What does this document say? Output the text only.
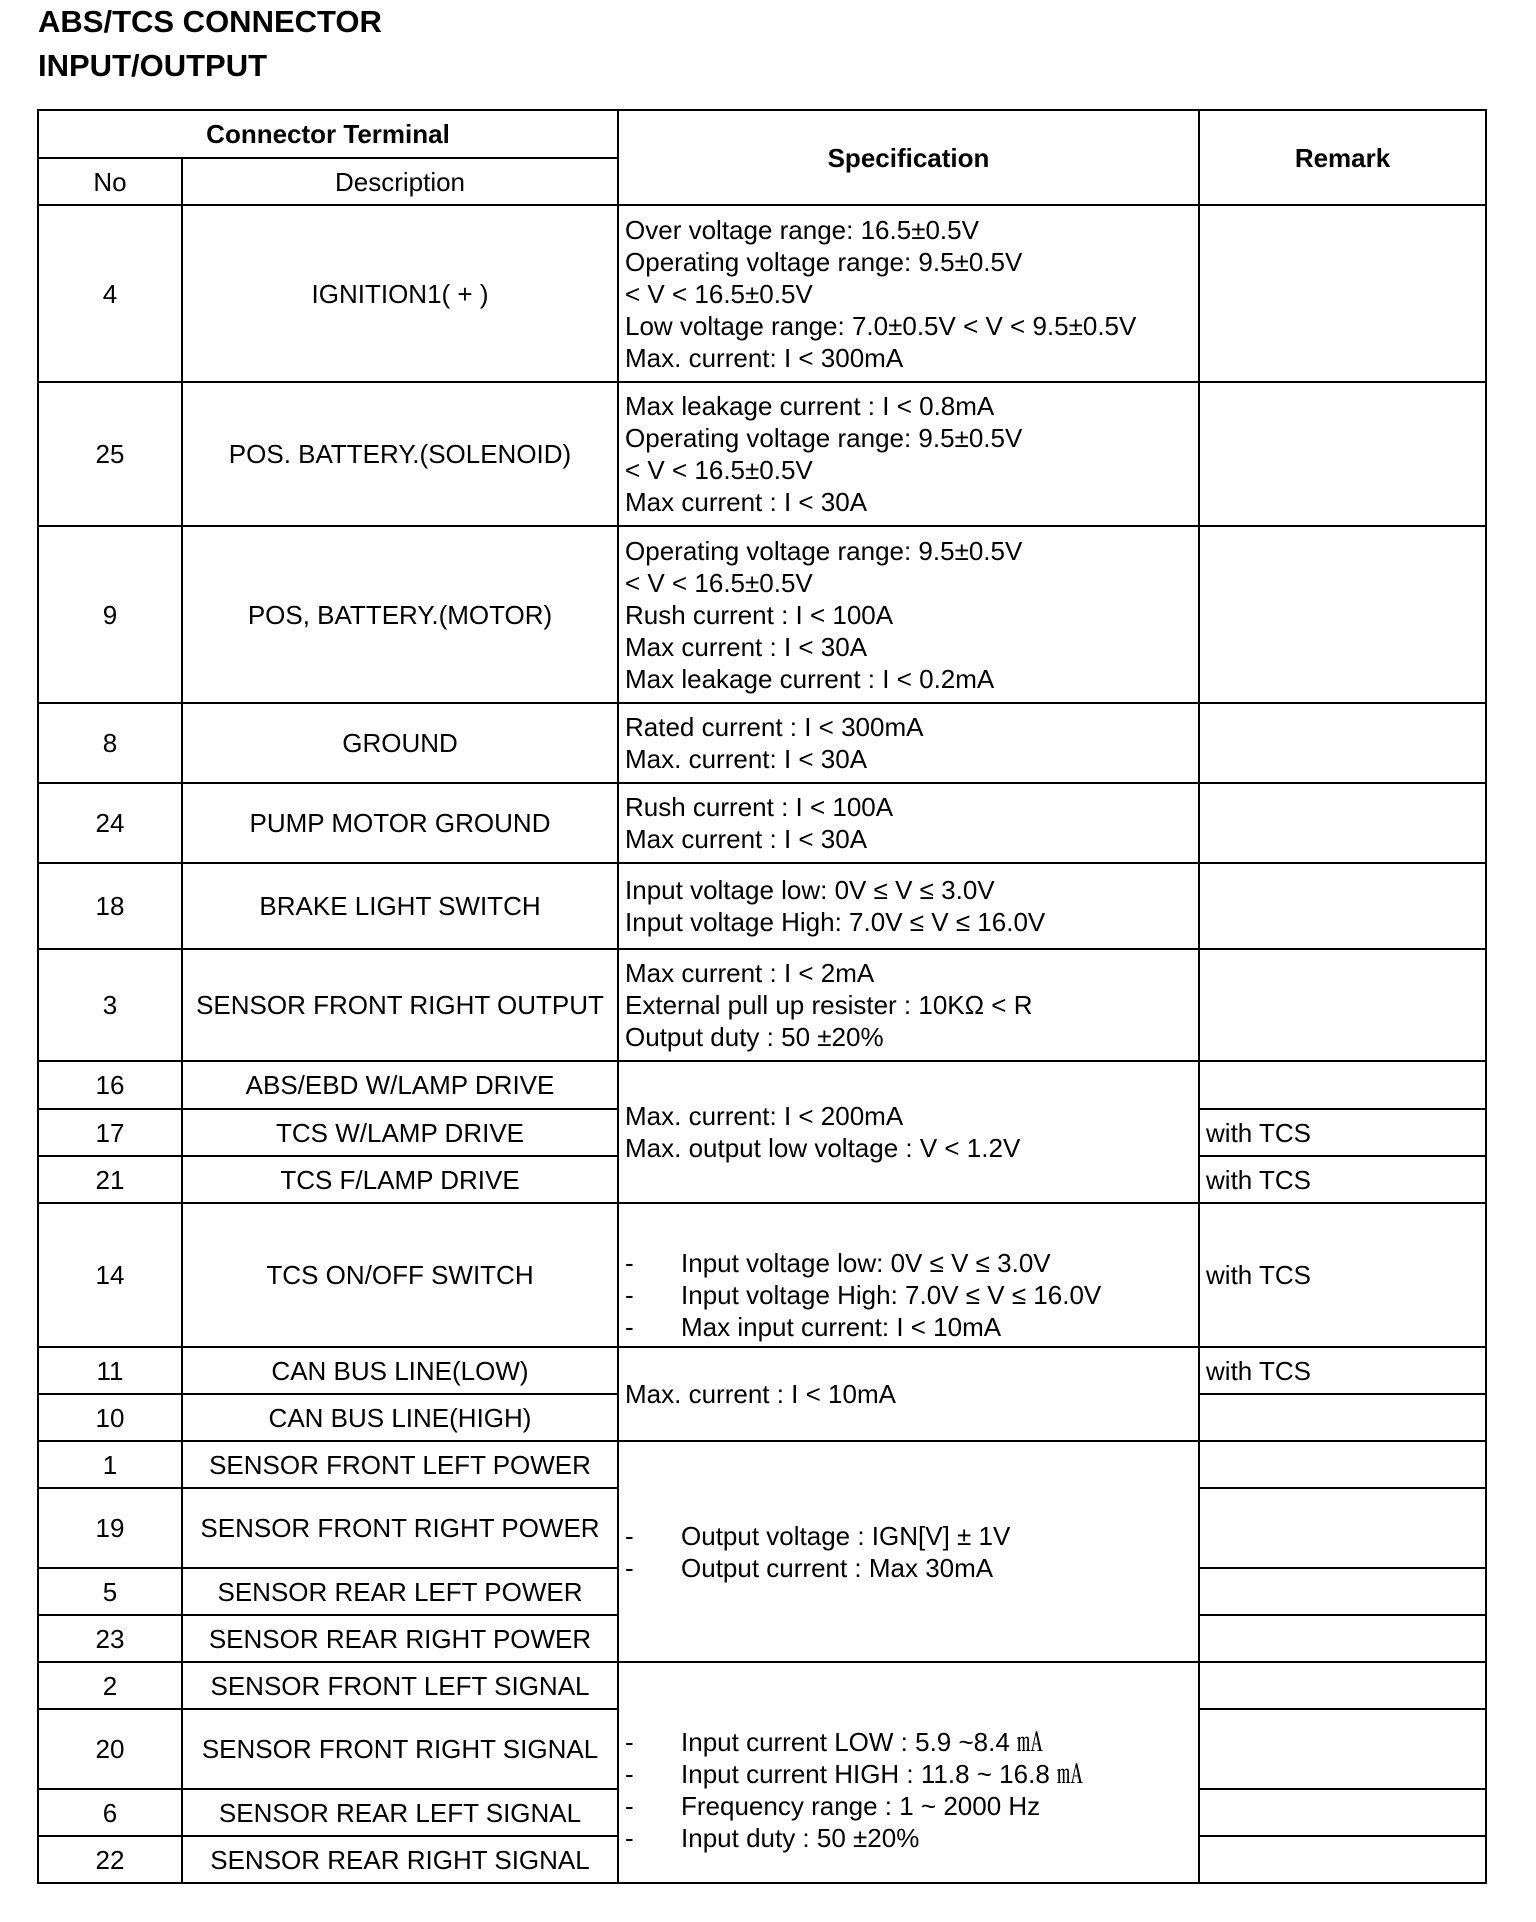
ABS/TCS CONNECTOR
INPUT/OUTPUT
Connector Terminal		Specification	Remark
No	Description		
4	IGNITION1( + )	Over voltage range: 16.5±0.5V
Operating voltage range: 9.5±0.5V
< V < 16.5±0.5V
Low voltage range: 7.0±0.5V < V < 9.5±0.5V
Max. current: I < 300mA	

25	POS. BATTERY.(SOLENOID)	Max leakage current : I < 0.8mA
Operating voltage range: 9.5±0.5V
< V < 16.5±0.5V
Max current : I < 30A	

9	POS, BATTERY.(MOTOR)	Operating voltage range: 9.5±0.5V
< V < 16.5±0.5V
Rush current : I < 100A
Max current : I < 30A
Max leakage current : I < 0.2mA	

8	GROUND	Rated current : I < 300mA
Max. current: I < 30A	

24	PUMP MOTOR GROUND	Rush current : I < 100A
Max current : I < 30A	

18	BRAKE LIGHT SWITCH	Input voltage low: 0V ≤ V ≤ 3.0V
Input voltage High: 7.0V ≤ V ≤ 16.0V	

3	SENSOR FRONT RIGHT OUTPUT	Max current : I < 2mA
External pull up resister : 10KΩ < R
Output duty : 50 ±20%	

16	ABS/EBD W/LAMP DRIVE	Max. current: I < 200mA
Max. output low voltage : V < 1.2V	

17	TCS W/LAMP DRIVE		with TCS
21	TCS F/LAMP DRIVE		with TCS
14	TCS ON/OFF SWITCH	- Input voltage low: 0V ≤ V ≤ 3.0V
- Input voltage High: 7.0V ≤ V ≤ 16.0V
- Max input current: I < 10mA	with TCS
11	CAN BUS LINE(LOW)	Max. current : I < 10mA	with TCS
10	CAN BUS LINE(HIGH)		
1	SENSOR FRONT LEFT POWER	- Output voltage : IGN[V] ± 1V
- Output current : Max 30mA	

19	SENSOR FRONT RIGHT POWER		
5	SENSOR REAR LEFT POWER		
23	SENSOR REAR RIGHT POWER		
2	SENSOR FRONT LEFT SIGNAL	- Input current LOW : 5.9 ~8.4 ㎃
- Input current HIGH : 11.8 ~ 16.8 ㎃
- Frequency range : 1 ~ 2000 Hz
- Input duty : 50 ±20%	

20	SENSOR FRONT RIGHT SIGNAL		
6	SENSOR REAR LEFT SIGNAL		
22	SENSOR REAR RIGHT SIGNAL		
